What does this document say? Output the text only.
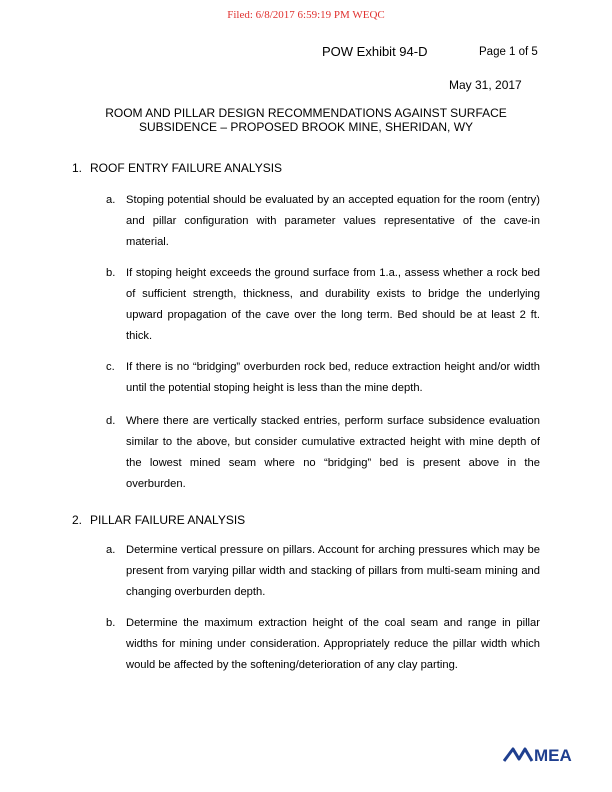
Filed: 6/8/2017 6:59:19 PM WEQC
POW Exhibit 94-D	Page 1 of 5
May 31, 2017
ROOM AND PILLAR DESIGN RECOMMENDATIONS AGAINST SURFACE
SUBSIDENCE – PROPOSED BROOK MINE, SHERIDAN, WY
1. ROOF ENTRY FAILURE ANALYSIS
a. Stoping potential should be evaluated by an accepted equation for the room (entry) and pillar configuration with parameter values representative of the cave-in material.
b. If stoping height exceeds the ground surface from 1.a., assess whether a rock bed of sufficient strength, thickness, and durability exists to bridge the underlying upward propagation of the cave over the long term. Bed should be at least 2 ft. thick.
c. If there is no “bridging” overburden rock bed, reduce extraction height and/or width until the potential stoping height is less than the mine depth.
d. Where there are vertically stacked entries, perform surface subsidence evaluation similar to the above, but consider cumulative extracted height with mine depth of the lowest mined seam where no “bridging” bed is present above in the overburden.
2. PILLAR FAILURE ANALYSIS
a. Determine vertical pressure on pillars. Account for arching pressures which may be present from varying pillar width and stacking of pillars from multi-seam mining and changing overburden depth.
b. Determine the maximum extraction height of the coal seam and range in pillar widths for mining under consideration. Appropriately reduce the pillar width which would be affected by the softening/deterioration of any clay parting.
MEA
